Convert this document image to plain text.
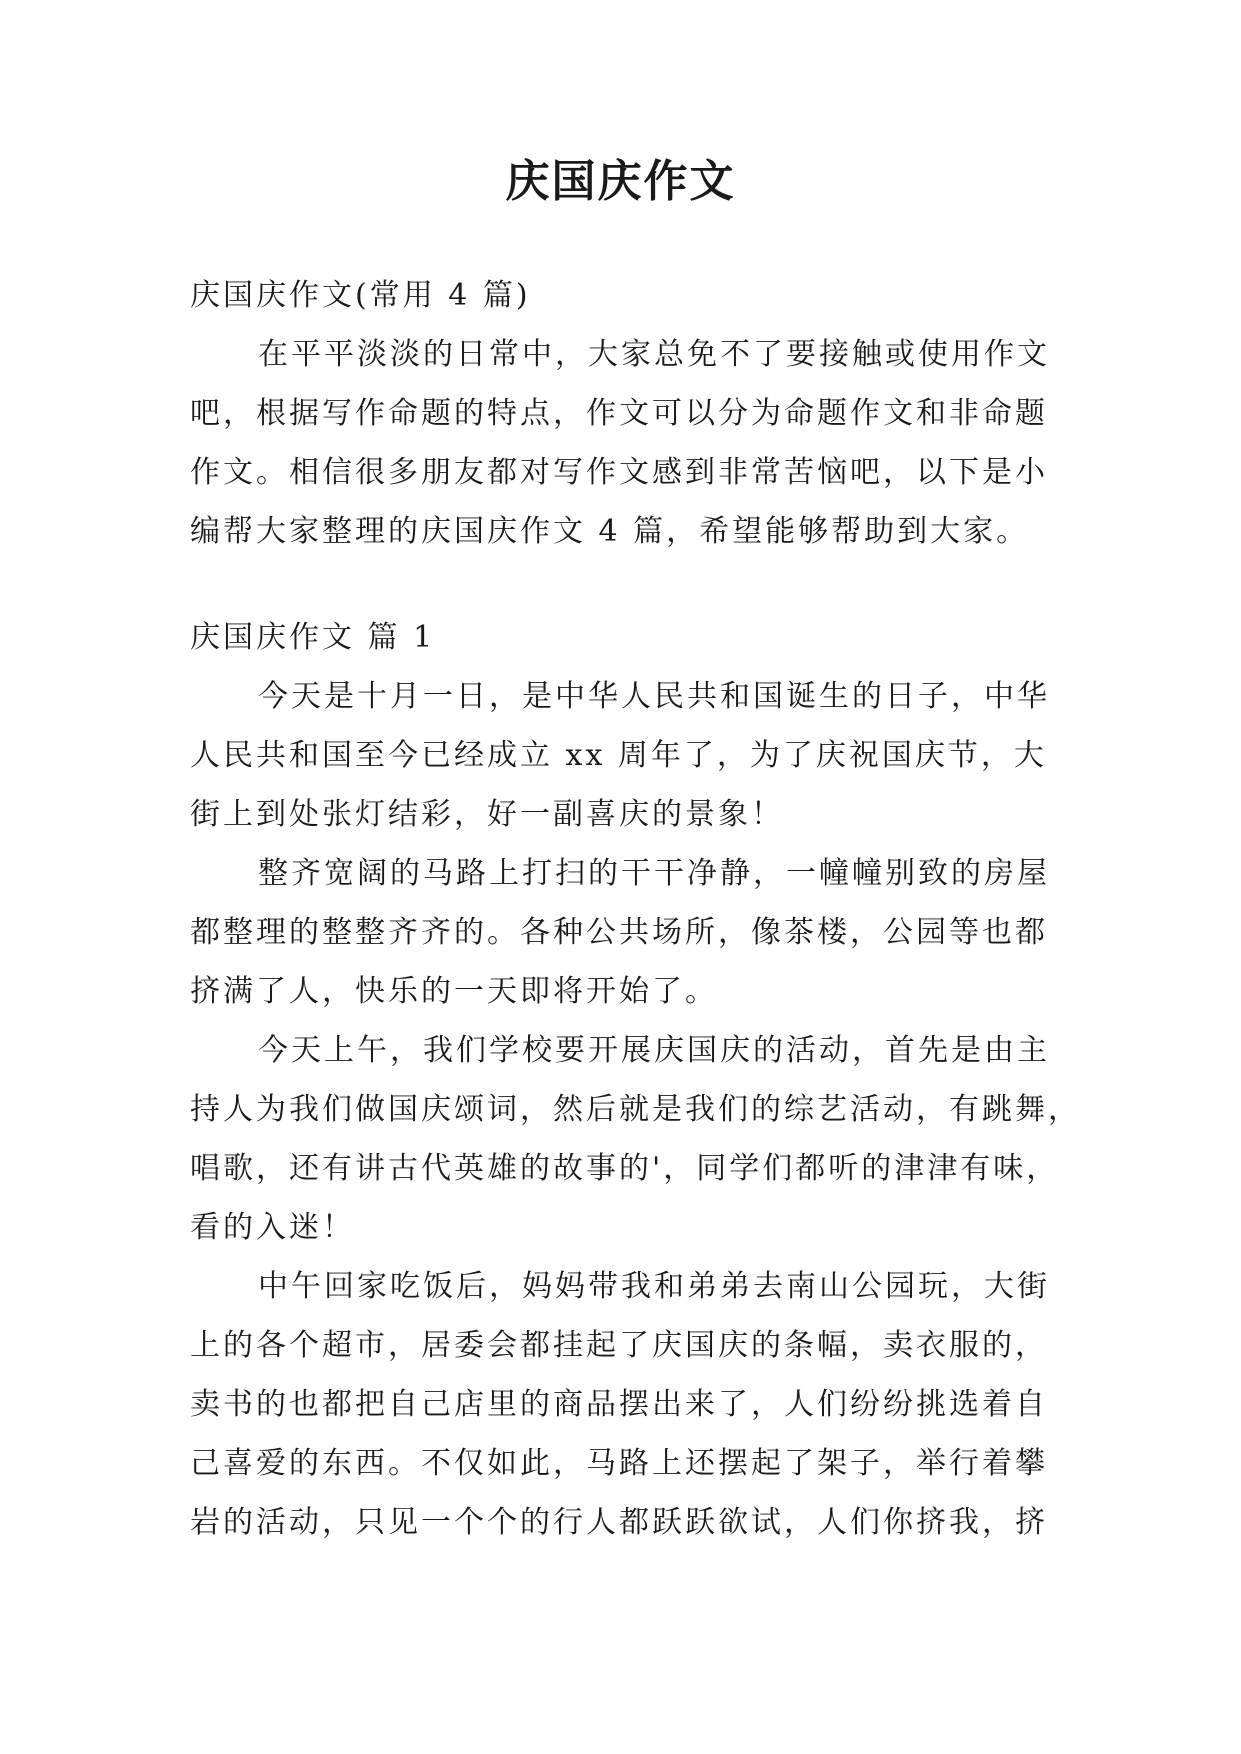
庆国庆作文

庆国庆作文(常用 4 篇)

在平平淡淡的日常中，大家总免不了要接触或使用作文

吧，根据写作命题的特点，作文可以分为命题作文和非命题

作文。相信很多朋友都对写作文感到非常苦恼吧，以下是小

编帮大家整理的庆国庆作文 4 篇，希望能够帮助到大家。

庆国庆作文 篇 1

今天是十月一日，是中华人民共和国诞生的日子，中华

人民共和国至今已经成立 xx 周年了，为了庆祝国庆节，大

街上到处张灯结彩，好一副喜庆的景象！

整齐宽阔的马路上打扫的干干净静，一幢幢别致的房屋

都整理的整整齐齐的。各种公共场所，像茶楼，公园等也都

挤满了人，快乐的一天即将开始了。

今天上午，我们学校要开展庆国庆的活动，首先是由主

持人为我们做国庆颂词，然后就是我们的综艺活动，有跳舞，

唱歌，还有讲古代英雄的故事的'，同学们都听的津津有味，

看的入迷！

中午回家吃饭后，妈妈带我和弟弟去南山公园玩，大街

上的各个超市，居委会都挂起了庆国庆的条幅，卖衣服的，

卖书的也都把自己店里的商品摆出来了，人们纷纷挑选着自

己喜爱的东西。不仅如此，马路上还摆起了架子，举行着攀

岩的活动，只见一个个的行人都跃跃欲试，人们你挤我，挤
